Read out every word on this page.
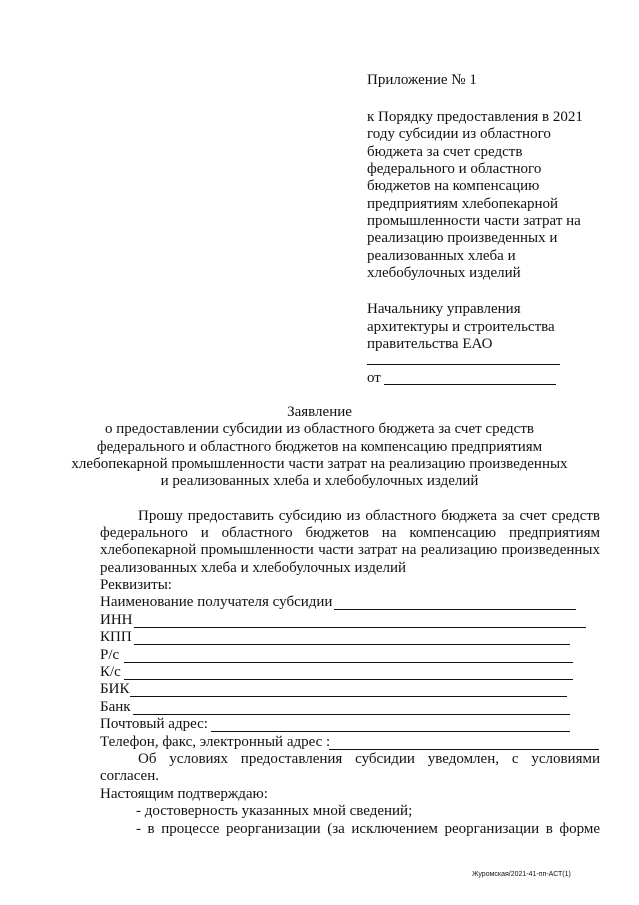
Приложение № 1
к Порядку предоставления в 2021
году субсидии из областного
бюджета за счет средств
федерального и областного
бюджетов на компенсацию
предприятиям хлебопекарной
промышленности части затрат на
реализацию произведенных и
реализованных хлеба и
хлебобулочных изделий
Начальнику управления
архитектуры и строительства
правительства ЕАО
от
Заявление
о предоставлении субсидии из областного бюджета за счет средств
федерального и областного бюджетов на компенсацию предприятиям
хлебопекарной промышленности части затрат на реализацию произведенных
и реализованных хлеба и хлебобулочных изделий
Прошу предоставить субсидию из областного бюджета за счет средств
федерального и областного бюджетов на компенсацию предприятиям
хлебопекарной промышленности части затрат на реализацию произведенных
реализованных хлеба и хлебобулочных изделий
Реквизиты:
Наименование получателя субсидии
ИНН
КПП
Р/с
К/с
БИК
Банк
Почтовый адрес:
Телефон, факс, электронный адрес :
Об условиях предоставления субсидии уведомлен, с условиями
согласен.
Настоящим подтверждаю:
- достоверность указанных мной сведений;
- в процессе реорганизации (за исключением реорганизации в форме
Журомская/2021-41-пп-АСТ(1)
